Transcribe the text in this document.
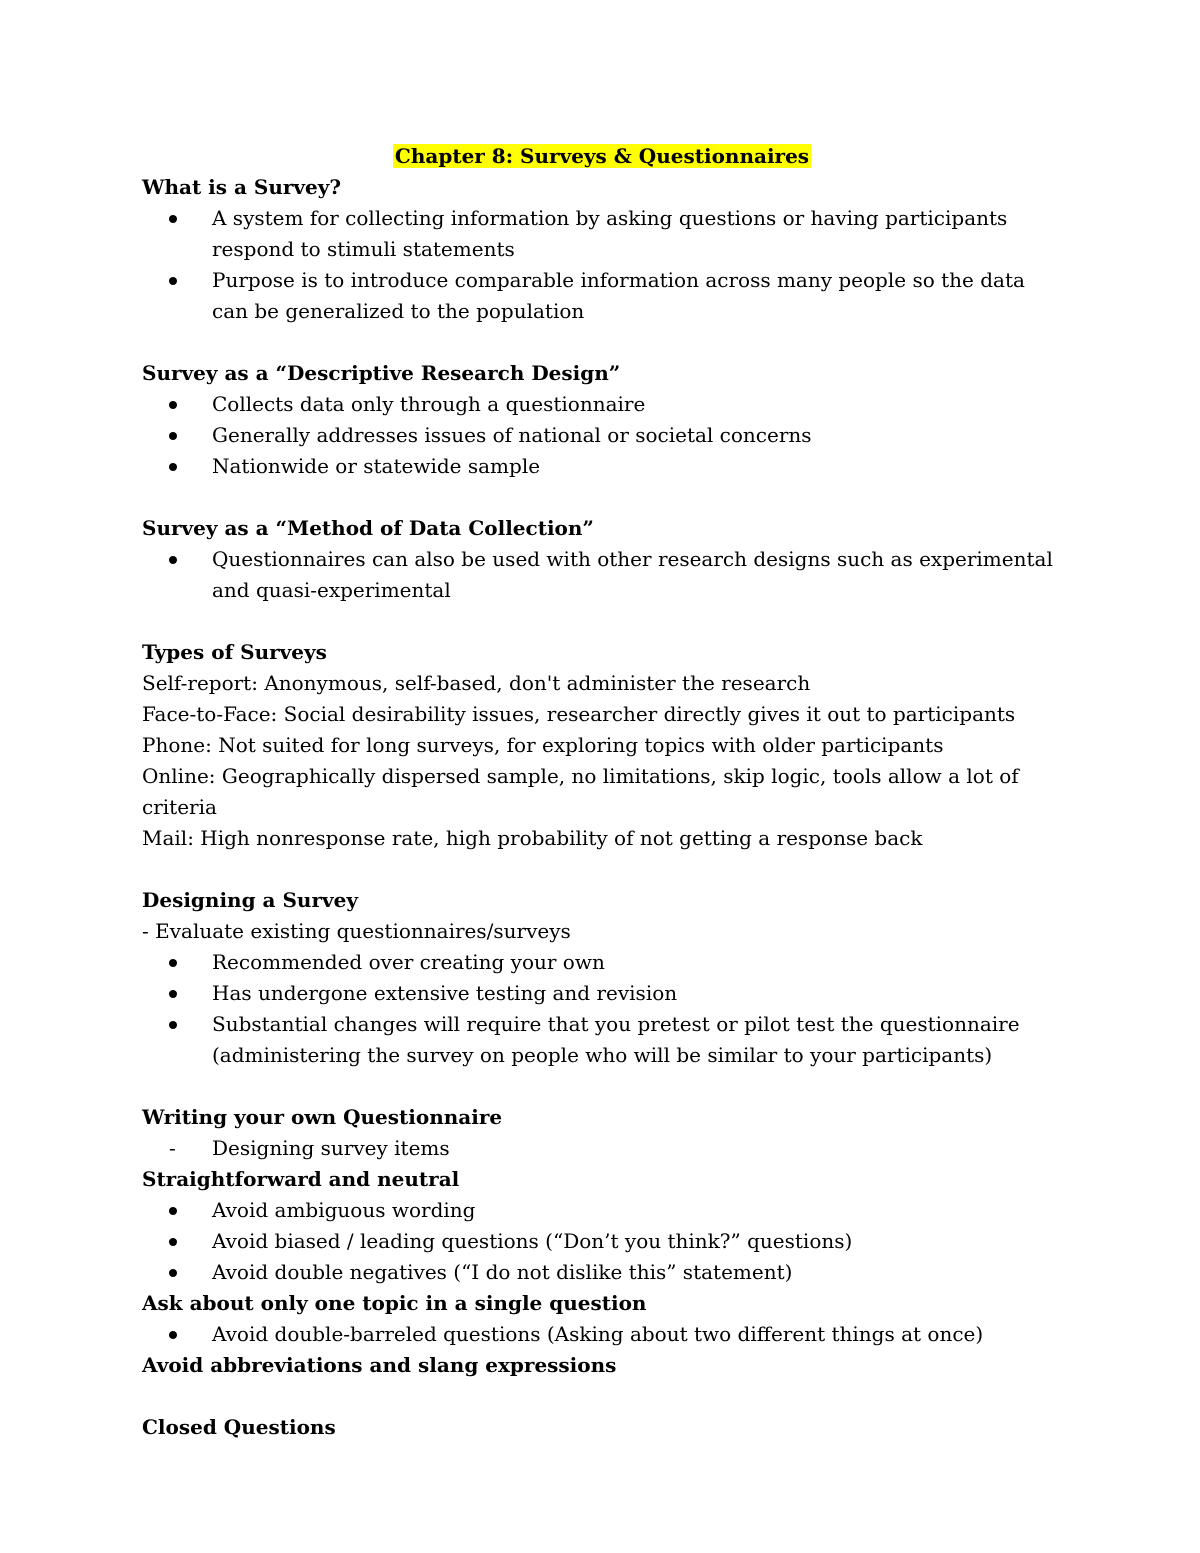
Chapter 8: Surveys & Questionnaires

What is a Survey?

A system for collecting information by asking questions or having participants respond to stimuli statements
Purpose is to introduce comparable information across many people so the data can be generalized to the population

Survey as a “Descriptive Research Design”

Collects data only through a questionnaire
Generally addresses issues of national or societal concerns
Nationwide or statewide sample

Survey as a “Method of Data Collection”

Questionnaires can also be used with other research designs such as experimental and quasi-experimental

Types of Surveys

Self-report: Anonymous, self-based, don't administer the research

Face-to-Face: Social desirability issues, researcher directly gives it out to participants

Phone: Not suited for long surveys, for exploring topics with older participants

Online: Geographically dispersed sample, no limitations, skip logic, tools allow a lot of criteria

Mail: High nonresponse rate, high probability of not getting a response back

Designing a Survey

- Evaluate existing questionnaires/surveys

Recommended over creating your own
Has undergone extensive testing and revision
Substantial changes will require that you pretest or pilot test the questionnaire (administering the survey on people who will be similar to your participants)

Writing your own Questionnaire

- Designing survey items

Straightforward and neutral

Avoid ambiguous wording
Avoid biased / leading questions (“Don’t you think?” questions)
Avoid double negatives (“I do not dislike this” statement)

Ask about only one topic in a single question

Avoid double-barreled questions (Asking about two different things at once)

Avoid abbreviations and slang expressions

Closed Questions
